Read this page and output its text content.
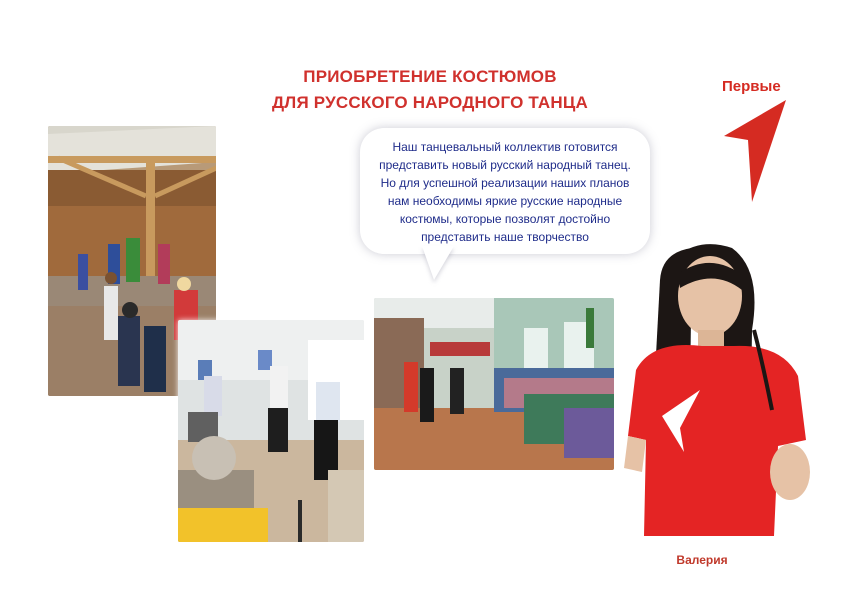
ПРИОБРЕТЕНИЕ КОСТЮМОВ
ДЛЯ РУССКОГО НАРОДНОГО ТАНЦА
Первые
Наш танцевальный коллектив готовится
представить новый русский народный танец.
Но для успешной реализации наших планов
нам необходимы яркие русские народные
костюмы, которые позволят достойно
представить наше творчество
Валерия
